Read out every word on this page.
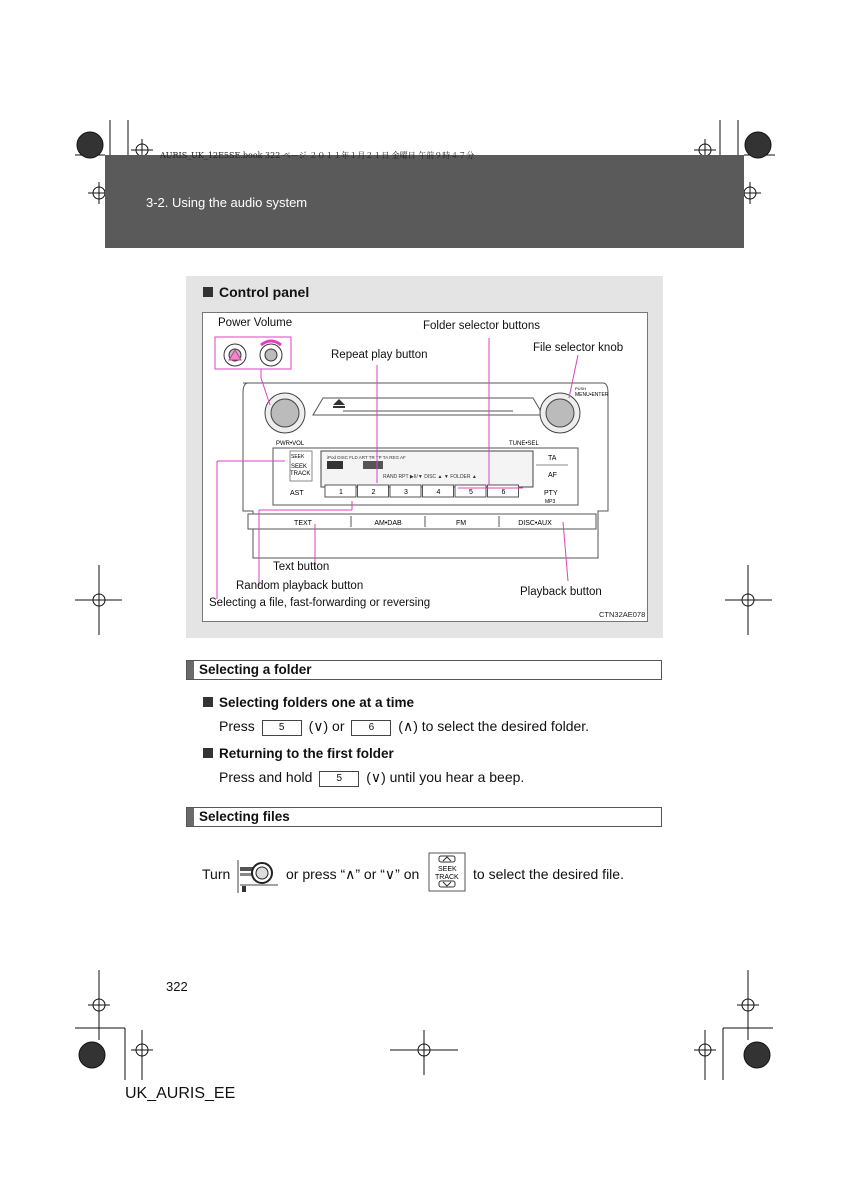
AURIS_UK_12E5SE.book 322 ページ ２０１１年１月２１日 金曜日 午前９時４７分
3-2. Using the audio system
Control panel
PWR•VOL	TUNE•SEL
PUSH
MENU•ENTER
iPod DISC FLD ART TR TP TA REG AF
RAND RPT ▶II/▼ DISC ▲ ▼ FOLDER ▲
SEEK
SEEK
TRACK
AST
TA
AF
PTY
MP3
1	2	3	4	5	6
TEXT	AM•DAB	FM	DISC•AUX
Power Volume	Folder selector buttons
Repeat play button
File selector knob
Text button
Random playback button
Selecting a file, fast-forwarding or reversing
Playback button
CTN32AE078
Selecting a folder
Selecting folders one at a time
Press 5 (∨) or 6 (∧) to select the desired folder.
Returning to the first folder
Press and hold 5 (∨) until you hear a beep.
Selecting files
Turn	or press “∧” or “∨” on	SEEK
TRACK to select the desired file.
322
UK_AURIS_EE
